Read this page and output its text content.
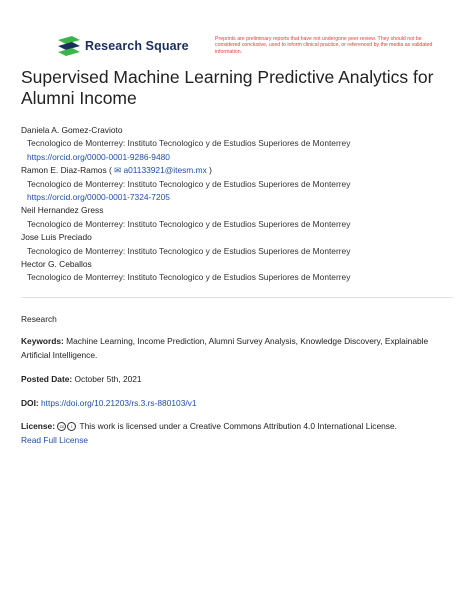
Research Square	Preprints are preliminary reports that have not undergone peer review. They should not be considered conclusive, used to inform clinical practice, or referenced by the media as validated information.
Supervised Machine Learning Predictive Analytics for Alumni Income
Daniela A. Gomez-Cravioto
Tecnologico de Monterrey: Instituto Tecnologico y de Estudios Superiores de Monterrey
https://orcid.org/0000-0001-9286-9480
Ramon E. Diaz-Ramos ( ✉ a01133921@itesm.mx )
Tecnologico de Monterrey: Instituto Tecnologico y de Estudios Superiores de Monterrey
https://orcid.org/0000-0001-7324-7205
Neil Hernandez Gress
Tecnologico de Monterrey: Instituto Tecnologico y de Estudios Superiores de Monterrey
Jose Luis Preciado
Tecnologico de Monterrey: Instituto Tecnologico y de Estudios Superiores de Monterrey
Hector G. Ceballos
Tecnologico de Monterrey: Instituto Tecnologico y de Estudios Superiores de Monterrey
Research
Keywords: Machine Learning, Income Prediction, Alumni Survey Analysis, Knowledge Discovery, Explainable Artificial Intelligence.
Posted Date: October 5th, 2021
DOI: https://doi.org/10.21203/rs.3.rs-880103/v1
License: cc i This work is licensed under a Creative Commons Attribution 4.0 International License.
Read Full License
